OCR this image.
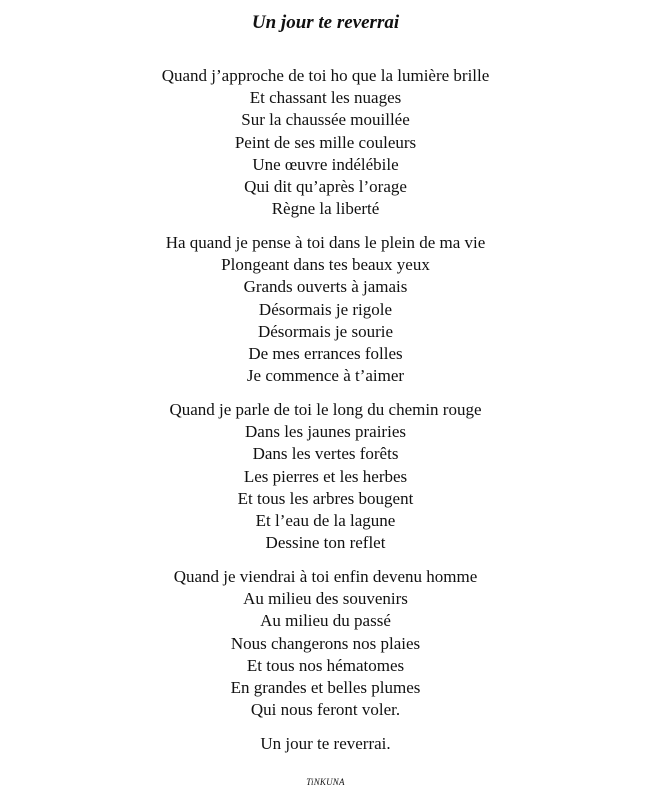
Un jour te reverrai
Quand j’approche de toi ho que la lumière brille
Et chassant les nuages
Sur la chaussée mouillée
Peint de ses mille couleurs
Une œuvre indélébile
Qui dit qu’après l’orage
Règne la liberté
Ha quand je pense à toi dans le plein de ma vie
Plongeant dans tes beaux yeux
Grands ouverts à jamais
Désormais je rigole
Désormais je sourie
De mes errances folles
Je commence à t’aimer
Quand je parle de toi le long du chemin rouge
Dans les jaunes prairies
Dans les vertes forêts
Les pierres et les herbes
Et tous les arbres bougent
Et l’eau de la lagune
Dessine ton reflet
Quand je viendrai à toi enfin devenu homme
Au milieu des souvenirs
Au milieu du passé
Nous changerons nos plaies
Et tous nos hématomes
En grandes et belles plumes
Qui nous feront voler.
Un jour te reverrai.
TiNKUNA
